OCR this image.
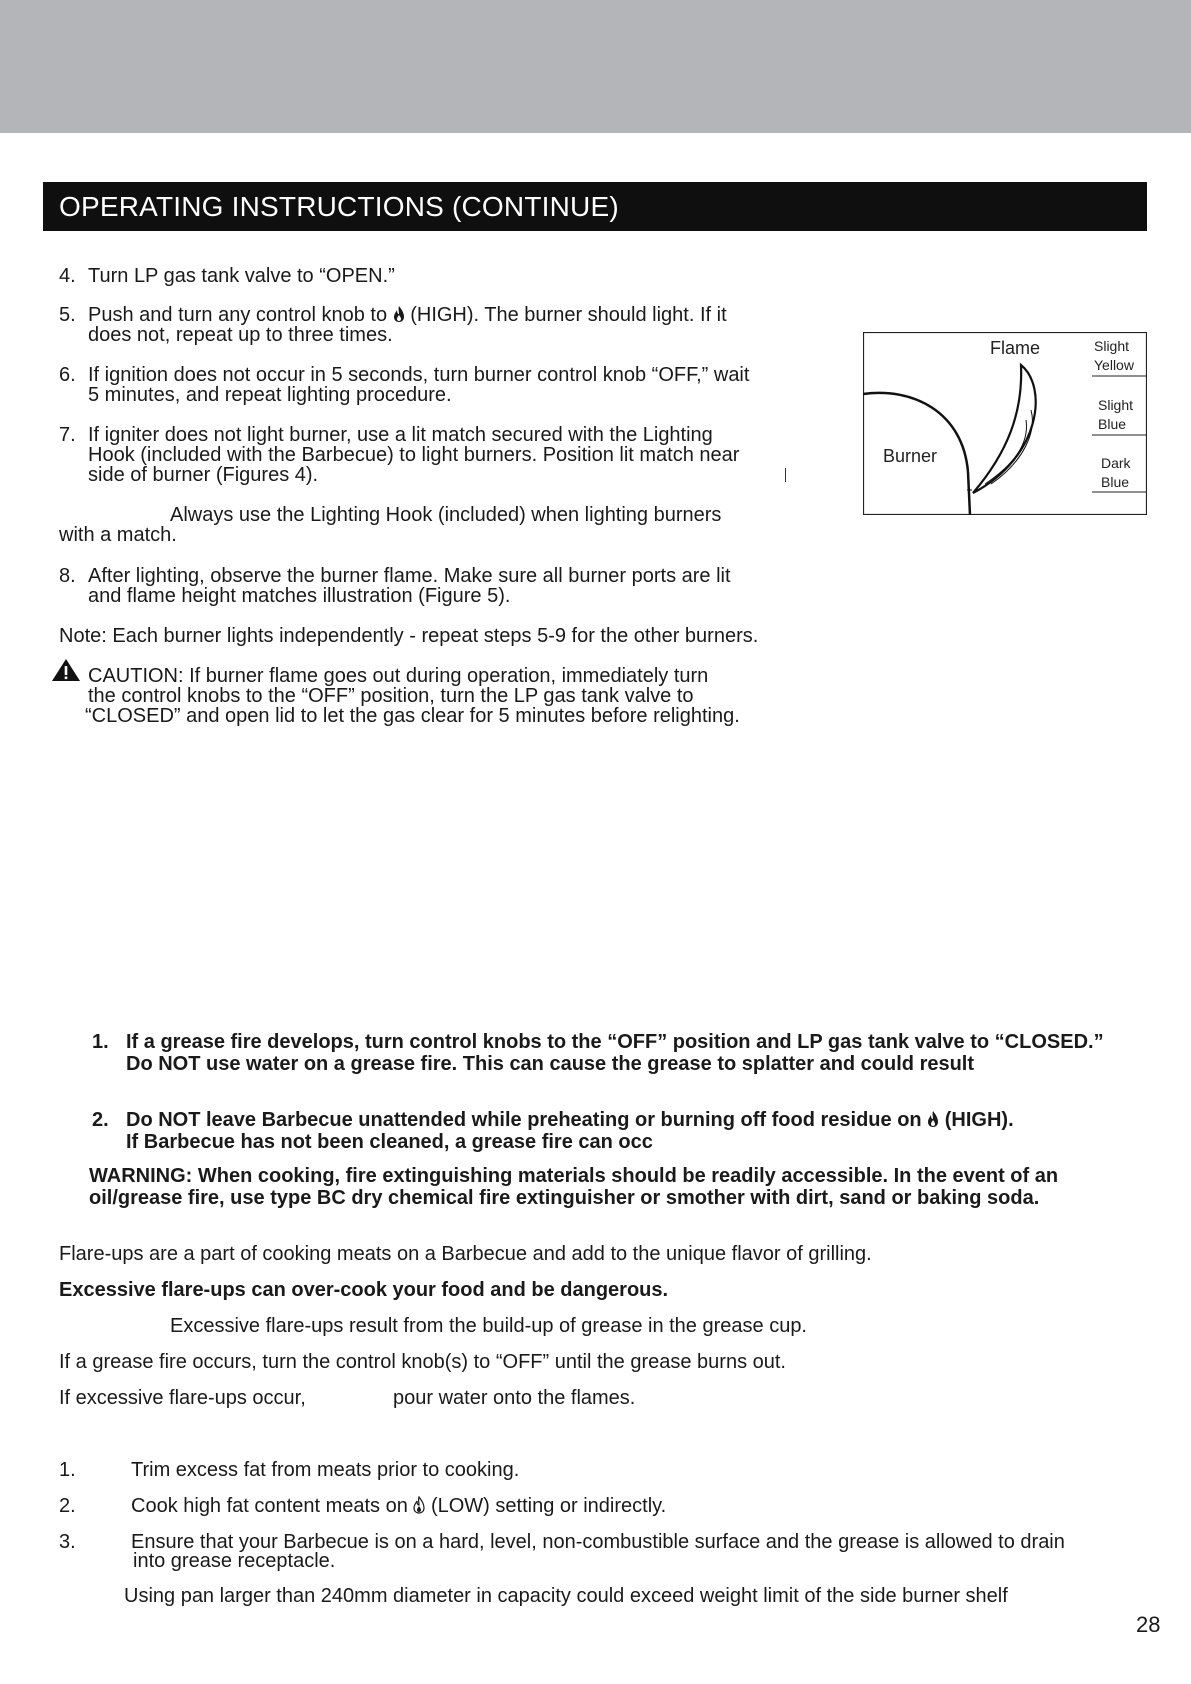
OPERATING INSTRUCTIONS (CONTINUE)
4. Turn LP gas tank valve to “OPEN.”
5. Push and turn any control knob to (HIGH). The burner should light. If it
does not, repeat up to three times.
6. If ignition does not occur in 5 seconds, turn burner control knob “OFF,” wait
5 minutes, and repeat lighting procedure.
7. If igniter does not light burner, use a lit match secured with the Lighting
Hook (included with the Barbecue) to light burners. Position lit match near
side of burner (Figures 4).
Always use the Lighting Hook (included) when lighting burners
with a match.
8. After lighting, observe the burner flame. Make sure all burner ports are lit
and flame height matches illustration (Figure 5).
Note: Each burner lights independently - repeat steps 5-9 for the other burners.
CAUTION: If burner flame goes out during operation, immediately turn
the control knobs to the “OFF” position, turn the LP gas tank valve to
“CLOSED” and open lid to let the gas clear for 5 minutes before relighting.
Flame
Burner
Slight
Yellow
Slight
Blue
Dark
Blue
1. If a grease fire develops, turn control knobs to the “OFF” position and LP gas tank valve to “CLOSED.”
Do NOT use water on a grease fire. This can cause the grease to splatter and could result
2. Do NOT leave Barbecue unattended while preheating or burning off food residue on (HIGH).
If Barbecue has not been cleaned, a grease fire can occ
WARNING: When cooking, fire extinguishing materials should be readily accessible. In the event of an
oil/grease fire, use type BC dry chemical fire extinguisher or smother with dirt, sand or baking soda.
Flare-ups are a part of cooking meats on a Barbecue and add to the unique flavor of grilling.
Excessive flare-ups can over-cook your food and be dangerous.
Excessive flare-ups result from the build-up of grease in the grease cup.
If a grease fire occurs, turn the control knob(s) to “OFF” until the grease burns out.
If excessive flare-ups occur,	pour water onto the flames.
1.	Trim excess fat from meats prior to cooking.
2.	Cook high fat content meats on (LOW) setting or indirectly.
3.	Ensure that your Barbecue is on a hard, level, non-combustible surface and the grease is allowed to drain
into grease receptacle.
Using pan larger than 240mm diameter in capacity could exceed weight limit of the side burner shelf
28
